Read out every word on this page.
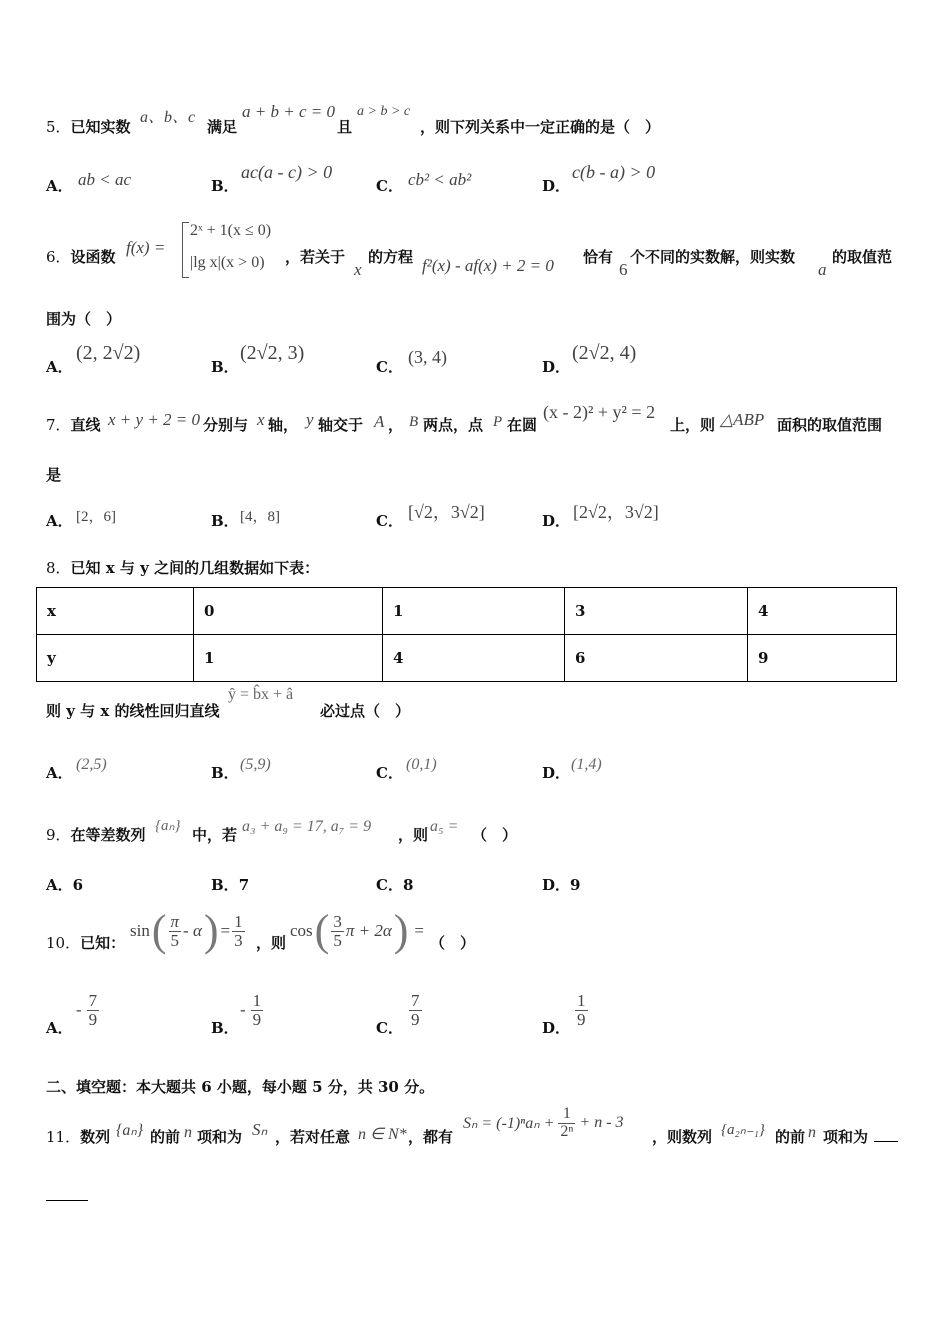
5．已知实数
a、b、c
满足
a + b + c = 0
且
a > b > c
，则下列关系中一定正确的是（　）
A． ab < ac	B．
ac(a - c) > 0
C． cb² < ab²	D．
c(b - a) > 0
6．设函数 f(x) =
2ˣ + 1(x ≤ 0)
|lg x|(x > 0) ，若关于
x
的方程 f²(x) - af(x) + 2 = 0 恰有
6
个不同的实数解，则实数
a
的取值范
围为（　）
A．
(2, 2√2)
B．
(2√2, 3)
C． (3, 4)	D．
(2√2, 4)
7．直线 x + y + 2 = 0 分别与 x 轴， y 轴交于 A ， B 两点，点 P 在圆
(x - 2)² + y² = 2
上，则 △ABP 面积的取值范围
是
A． [2，6]	B． [4，8]	C． [√2，3√2]	D． [2√2，3√2]
8．已知 x 与 y 之间的几组数据如下表：
x	0	1	3	4
y	1	4	6	9
则 y 与 x 的线性回归直线
ŷ = b̂x + â
必过点（　）
A． (2,5)	B． (5,9)	C． (0,1)	D． (1,4)
9．在等差数列 {aₙ} 中，若 a₃ + a₉ = 17, a₇ = 9 ，则 a₅ = （　）
A．6	B．7	C．8	D．9
10．已知：
sin ( $\frac{\pi}{5}$ - α ) = $\frac{1}{3}$ ，则
cos ( $\frac{3}{5}$ π + 2α ) =
（　）
A．
- $\frac{7}{9}$	B．
- $\frac{1}{9}$	C． $\frac{7}{9}$	D． $\frac{1}{9}$
二、填空题：本大题共 6 小题，每小题 5 分，共 30 分。
11．数列 {aₙ} 的前 n 项和为 Sₙ ，若对任意 n ∈ N* ，都有
$S_n = (-1)^na_n + \frac{1}{\text{2ⁿ}} + n - 3$
，则数列 {a₂ₙ₋₁} 的前 n 项和为
